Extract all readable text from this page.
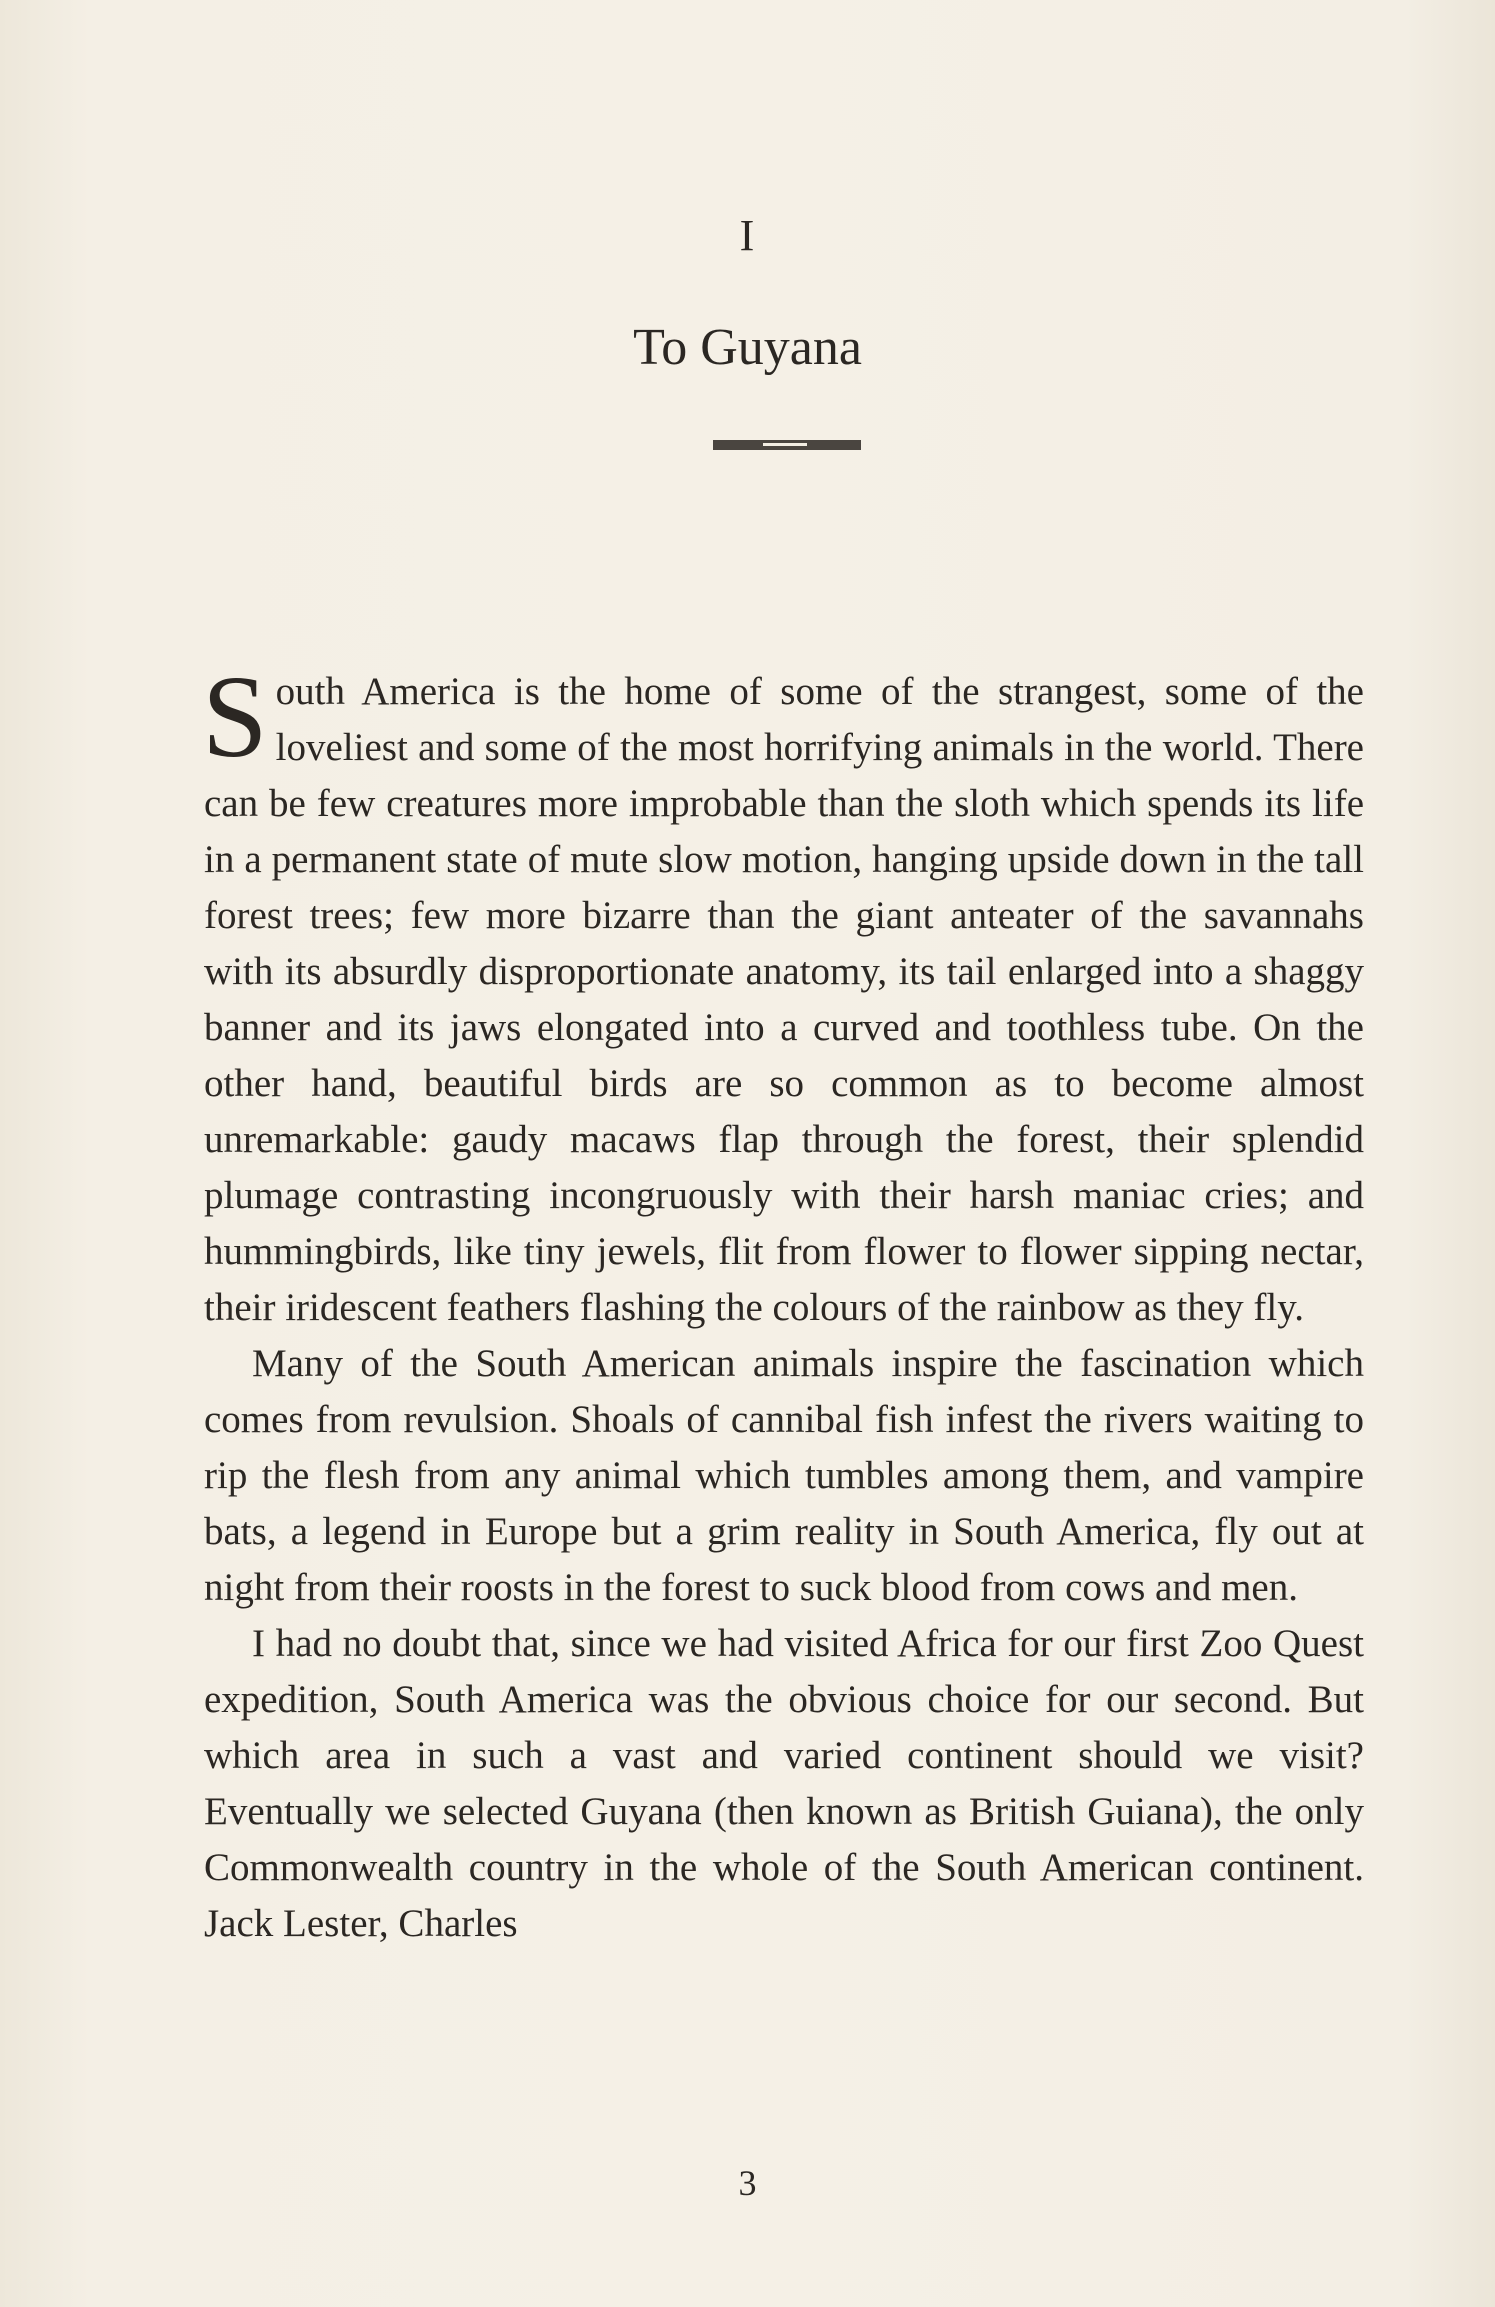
I
To Guyana

South America is the home of some of the strangest, some of the loveliest and some of the most horrifying animals in the world. There can be few creatures more improbable than the sloth which spends its life in a permanent state of mute slow motion, hanging upside down in the tall forest trees; few more bizarre than the giant anteater of the savannahs with its absurdly disproportionate anatomy, its tail enlarged into a shaggy banner and its jaws elongated into a curved and toothless tube. On the other hand, beautiful birds are so common as to become almost unremarkable: gaudy macaws flap through the forest, their splendid plumage contrasting incongruously with their harsh maniac cries; and hummingbirds, like tiny jewels, flit from flower to flower sipping nectar, their iridescent feathers flashing the colours of the rainbow as they fly.

Many of the South American animals inspire the fascination which comes from revulsion. Shoals of cannibal fish infest the rivers waiting to rip the flesh from any animal which tumbles among them, and vampire bats, a legend in Europe but a grim reality in South America, fly out at night from their roosts in the forest to suck blood from cows and men.

I had no doubt that, since we had visited Africa for our first Zoo Quest expedition, South America was the obvious choice for our second. But which area in such a vast and varied continent should we visit? Eventually we selected Guyana (then known as British Guiana), the only Commonwealth country in the whole of the South American continent. Jack Lester, Charles

3
